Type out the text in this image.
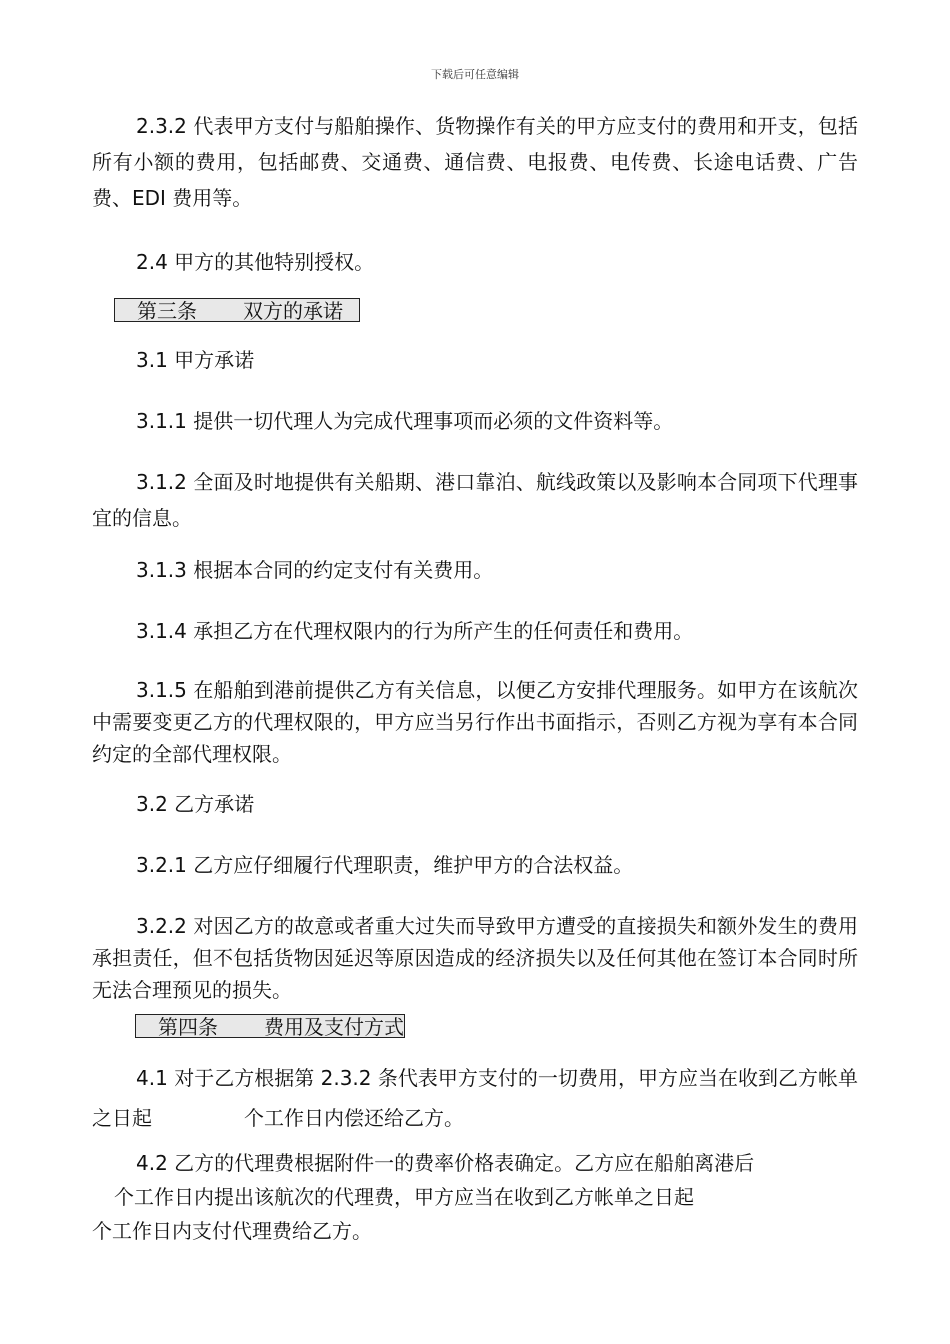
下载后可任意编辑

2.3.2 代表甲方支付与船舶操作、货物操作有关的甲方应支付的费用和开支，包括所有小额的费用，包括邮费、交通费、通信费、电报费、电传费、长途电话费、广告费、EDI 费用等。

2.4 甲方的其他特别授权。

第三条 双方的承诺

3.1 甲方承诺

3.1.1 提供一切代理人为完成代理事项而必须的文件资料等。

3.1.2 全面及时地提供有关船期、港口靠泊、航线政策以及影响本合同项下代理事宜的信息。

3.1.3 根据本合同的约定支付有关费用。

3.1.4 承担乙方在代理权限内的行为所产生的任何责任和费用。

3.1.5 在船舶到港前提供乙方有关信息，以便乙方安排代理服务。如甲方在该航次中需要变更乙方的代理权限的，甲方应当另行作出书面指示，否则乙方视为享有本合同约定的全部代理权限。

3.2 乙方承诺

3.2.1 乙方应仔细履行代理职责，维护甲方的合法权益。

3.2.2 对因乙方的故意或者重大过失而导致甲方遭受的直接损失和额外发生的费用承担责任，但不包括货物因延迟等原因造成的经济损失以及任何其他在签订本合同时所无法合理预见的损失。

第四条 费用及支付方式

4.1 对于乙方根据第 2.3.2 条代表甲方支付的一切费用，甲方应当在收到乙方帐单之日起	个工作日内偿还给乙方。

4.2 乙方的代理费根据附件一的费率价格表确定。乙方应在船舶离港后
个工作日内提出该航次的代理费，甲方应当在收到乙方帐单之日起
个工作日内支付代理费给乙方。
